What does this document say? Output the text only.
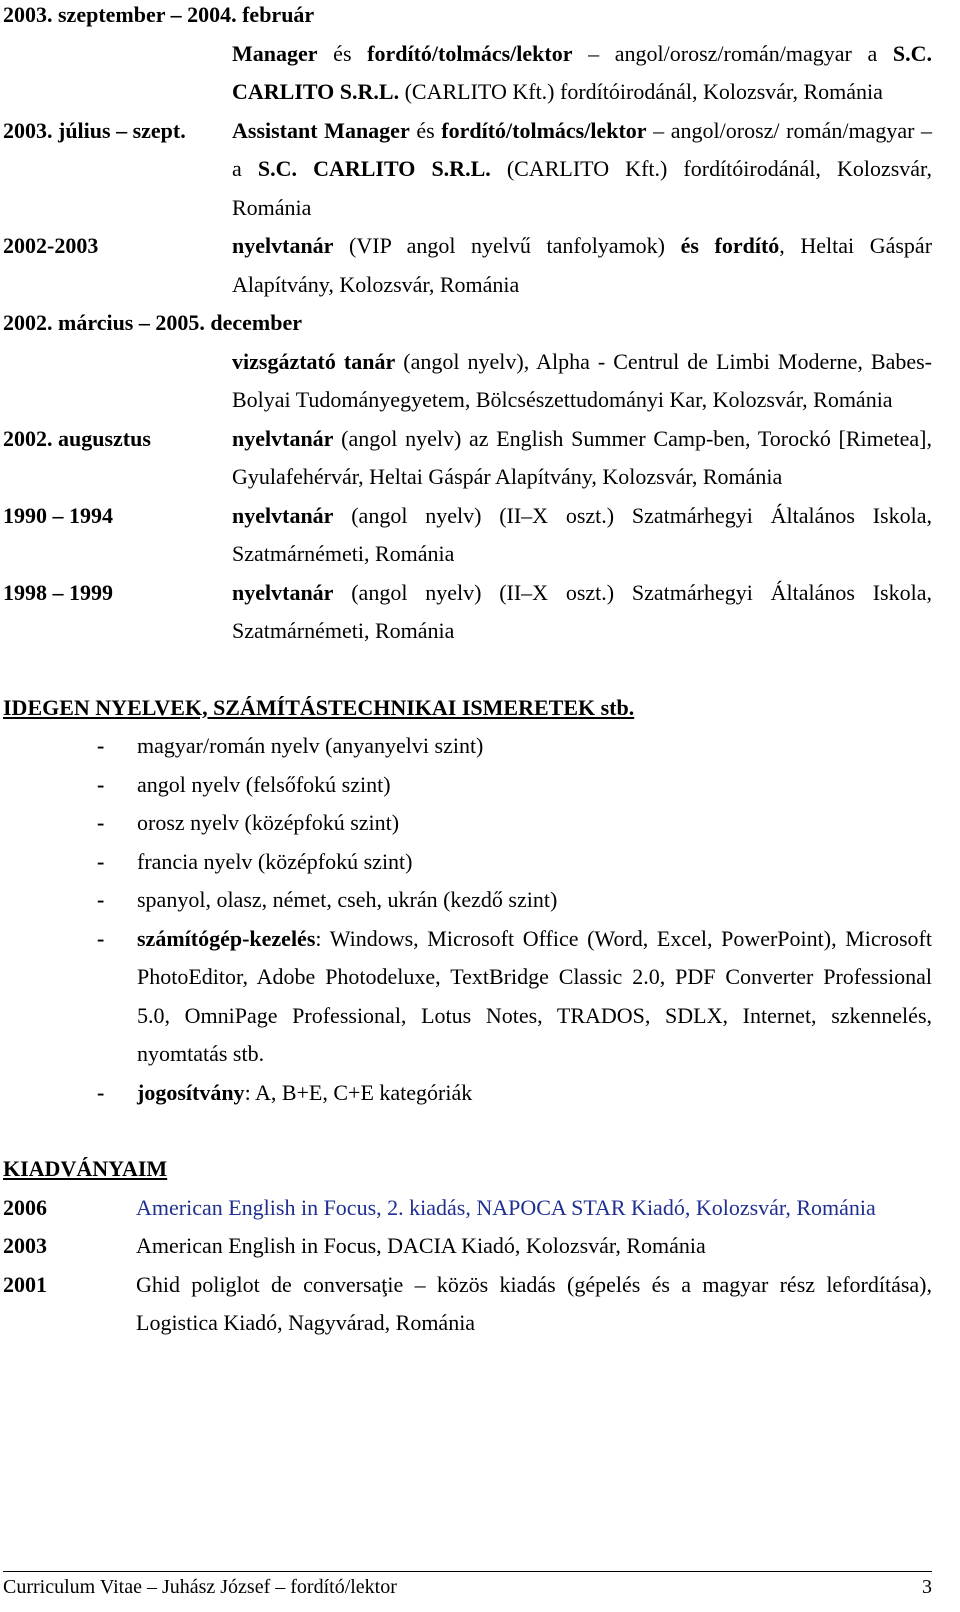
2003. szeptember – 2004. február
Manager és fordító/tolmács/lektor – angol/orosz/román/magyar a S.C. CARLITO S.R.L. (CARLITO Kft.) fordítóirodánál, Kolozsvár, Románia
2003. július – szept.	Assistant Manager és fordító/tolmács/lektor – angol/orosz/ román/magyar – a S.C. CARLITO S.R.L. (CARLITO Kft.) fordítóirodánál, Kolozsvár, Románia
2002-2003	nyelvtanár (VIP angol nyelvű tanfolyamok) és fordító, Heltai Gáspár Alapítvány, Kolozsvár, Románia
2002. március – 2005. december
vizsgáztató tanár (angol nyelv), Alpha - Centrul de Limbi Moderne, Babes-Bolyai Tudományegyetem, Bölcsészettudományi Kar, Kolozsvár, Románia
2002. augusztus	nyelvtanár (angol nyelv) az English Summer Camp-ben, Torockó [Rimetea], Gyulafehérvár, Heltai Gáspár Alapítvány, Kolozsvár, Románia
1990 – 1994	nyelvtanár (angol nyelv) (II–X oszt.) Szatmárhegyi Általános Iskola, Szatmárnémeti, Románia
1998 – 1999	nyelvtanár (angol nyelv) (II–X oszt.) Szatmárhegyi Általános Iskola, Szatmárnémeti, Románia
IDEGEN NYELVEK, SZÁMÍTÁSTECHNIKAI ISMERETEK stb.
-	magyar/román nyelv (anyanyelvi szint)
-	angol nyelv (felsőfokú szint)
-	orosz nyelv (középfokú szint)
-	francia nyelv (középfokú szint)
-	spanyol, olasz, német, cseh, ukrán (kezdő szint)
-	számítógép-kezelés: Windows, Microsoft Office (Word, Excel, PowerPoint), Microsoft PhotoEditor, Adobe Photodeluxe, TextBridge Classic 2.0, PDF Converter Professional 5.0, OmniPage Professional, Lotus Notes, TRADOS, SDLX, Internet, szkennelés, nyomtatás stb.
-	jogosítvány: A, B+E, C+E kategóriák
KIADVÁNYAIM
2006	American English in Focus, 2. kiadás, NAPOCA STAR Kiadó, Kolozsvár, Románia
2003	American English in Focus, DACIA Kiadó, Kolozsvár, Románia
2001	Ghid poliglot de conversaţie – közös kiadás (gépelés és a magyar rész lefordítása), Logistica Kiadó, Nagyvárad, Románia
Curriculum Vitae – Juhász József – fordító/lektor	3
